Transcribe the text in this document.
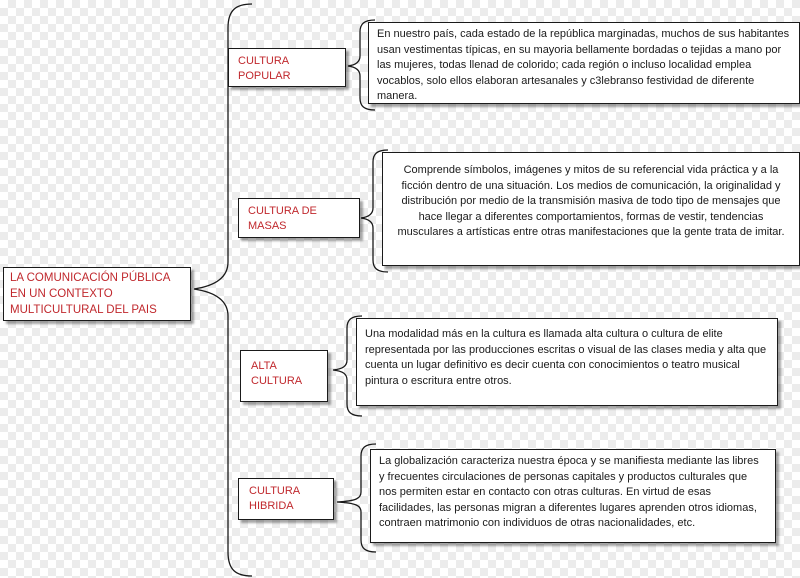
LA COMUNICACIÓN PÚBLICA EN UN CONTEXTO MULTICULTURAL DEL PAIS
CULTURA POPULAR
En nuestro país, cada estado de la república marginadas, muchos de sus habitantes usan vestimentas típicas, en su mayoria bellamente bordadas o tejidas a mano por las mujeres, todas llenad de colorido; cada región o incluso localidad emplea vocablos, solo ellos elaboran artesanales y c3lebranso festividad de diferente manera.
CULTURA DE MASAS
Comprende símbolos, imágenes y mitos de su referencial vida práctica y a la ficción dentro de una situación. Los medios de comunicación, la originalidad y distribución por medio de la transmisión masiva de todo tipo de mensajes que hace llegar a diferentes comportamientos, formas de vestir, tendencias musculares a artísticas entre otras manifestaciones que la gente trata de imitar.
ALTA CULTURA
Una modalidad más en la cultura es llamada alta cultura o cultura de elite representada por las producciones escritas o visual de las clases media y alta que cuenta un lugar definitivo es decir cuenta con conocimientos o teatro musical pintura o escritura entre otros.
CULTURA HIBRIDA
La globalización caracteriza nuestra época y se manifiesta mediante las libres y frecuentes circulaciones de personas capitales y productos culturales que nos permiten estar en contacto con otras culturas. En virtud de esas facilidades, las personas migran a diferentes lugares aprenden otros idiomas, contraen matrimonio con individuos de otras nacionalidades, etc.
